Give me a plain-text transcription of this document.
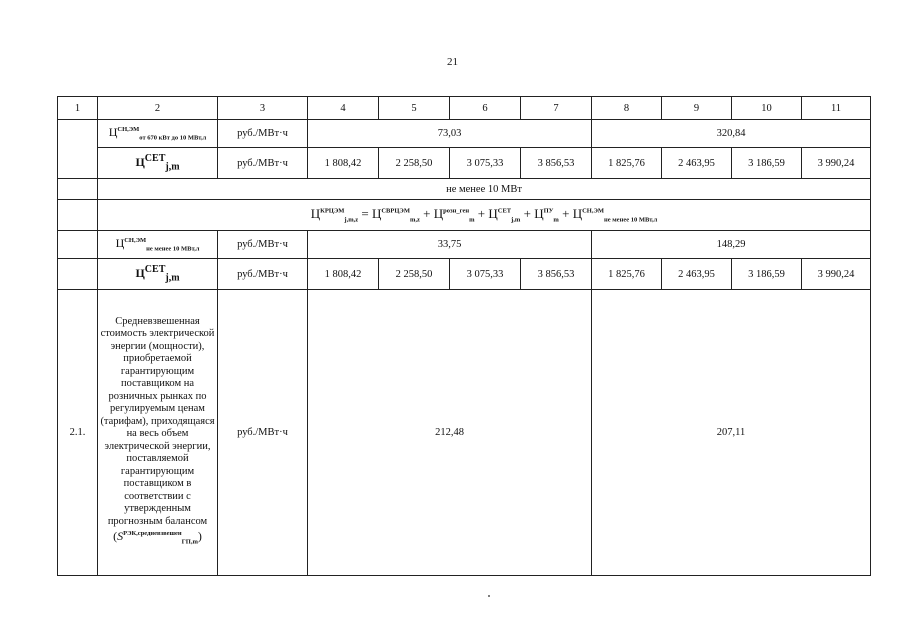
21
1	2	3	4	5	6	7	8	9	10	11
	$Ц^{СН,ЭМ}_{от 670 кВт до 10 МВт,л}$	руб./МВт·ч	73,03				320,84			
	$Ц^{СЕТ}_{j,m}$	руб./МВт·ч	1 808,42	2 258,50	3 075,33	3 856,53	1 825,76	2 463,95	3 186,59	3 990,24
	не менее 10 МВт									
	$Ц^{КРЦЭМ}_{j,m,z} = Ц^{СВРЦЭМ}_{m,z} + Ц^{розн\_ген}_m + Ц^{СЕТ}_{j,m} + Ц^{ПУ}_m + Ц^{СН,ЭМ}_{не менее 10 МВт,л}$
	$Ц^{СН,ЭМ}_{не менее 10 МВт,л}$	руб./МВт·ч	33,75				148,29			
	$Ц^{СЕТ}_{j,m}$	руб./МВт·ч	1 808,42	2 258,50	3 075,33	3 856,53	1 825,76	2 463,95	3 186,59	3 990,24
2.1.	Средневзвешенная стоимость электрической энергии (мощности), приобретаемой гарантирующим поставщиком на розничных рынках по регулируемым ценам (тарифам), приходящаяся на весь объем электрической энергии, поставляемой гарантирующим поставщиком в соответствии с утвержденным прогнозным балансом $(S^{РЭК,средневзвешен}_{ГП,m})$	руб./МВт·ч	212,48				207,11			
